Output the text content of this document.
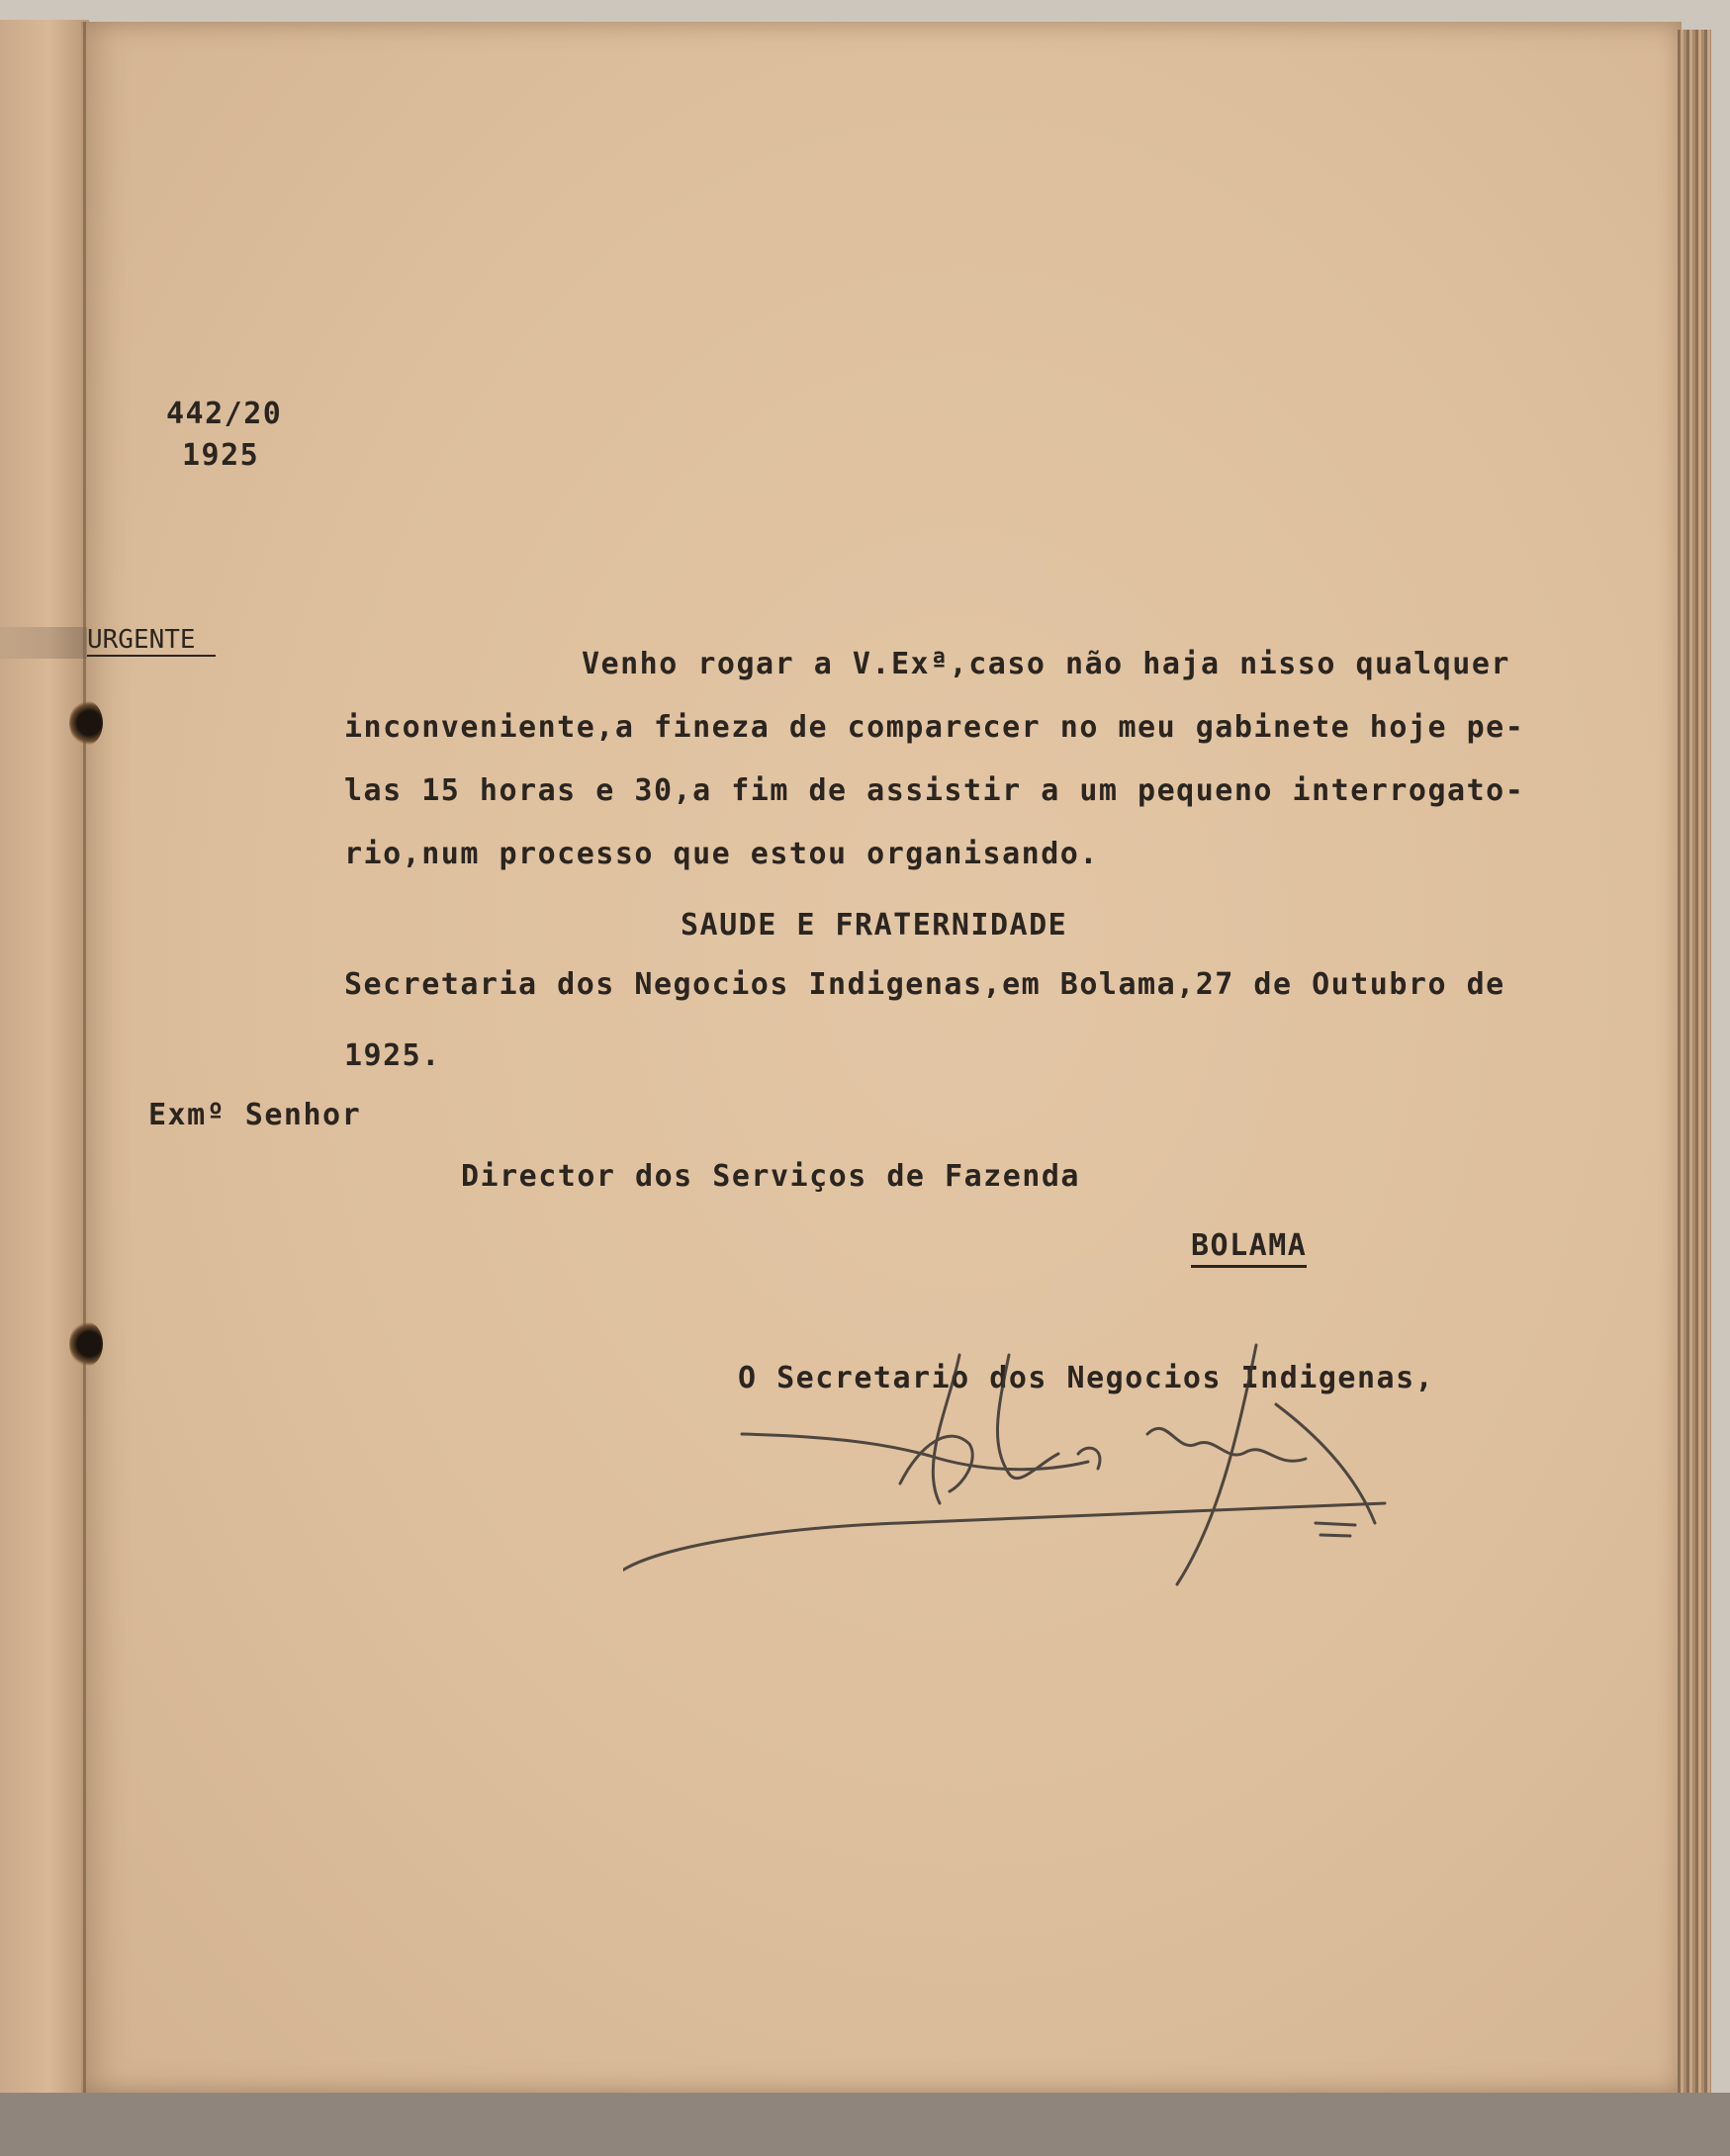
442/20
1925
URGENTE
Venho rogar a V.Exª,caso não haja nisso qualquer
inconveniente,a fineza de comparecer no meu gabinete hoje pe-
las 15 horas e 30,a fim de assistir a um pequeno interrogato-
rio,num processo que estou organisando.
SAUDE E FRATERNIDADE
Secretaria dos Negocios Indigenas,em Bolama,27 de Outubro de
1925.
Exmº Senhor
Director dos Serviços de Fazenda
BOLAMA
O Secretario dos Negocios Indigenas,
